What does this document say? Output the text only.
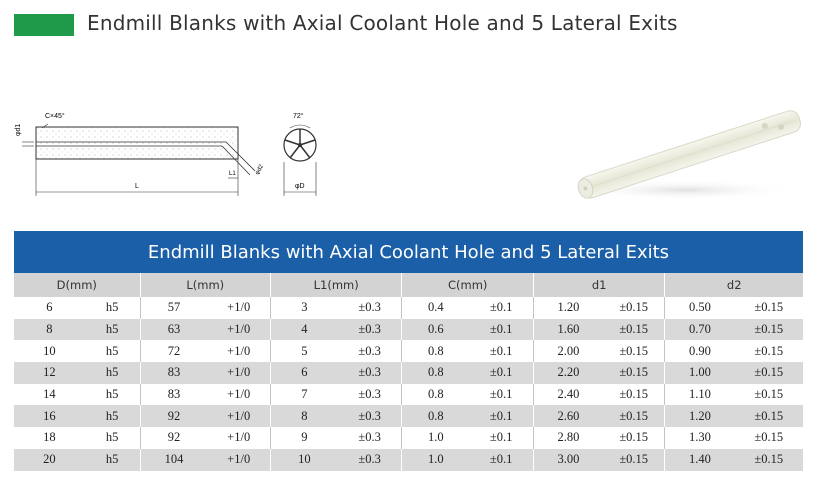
Endmill Blanks with Axial Coolant Hole and 5 Lateral Exits
C×45°
φd1
L
L1	φd2
72°
φD
Endmill Blanks with Axial Coolant Hole and 5 Lateral Exits
D(mm)		L(mm)		L1(mm)		C(mm)		d1		d2	
6	h5	57	+1/0	3	±0.3	0.4	±0.1	1.20	±0.15	0.50	±0.15
8	h5	63	+1/0	4	±0.3	0.6	±0.1	1.60	±0.15	0.70	±0.15
10	h5	72	+1/0	5	±0.3	0.8	±0.1	2.00	±0.15	0.90	±0.15
12	h5	83	+1/0	6	±0.3	0.8	±0.1	2.20	±0.15	1.00	±0.15
14	h5	83	+1/0	7	±0.3	0.8	±0.1	2.40	±0.15	1.10	±0.15
16	h5	92	+1/0	8	±0.3	0.8	±0.1	2.60	±0.15	1.20	±0.15
18	h5	92	+1/0	9	±0.3	1.0	±0.1	2.80	±0.15	1.30	±0.15
20	h5	104	+1/0	10	±0.3	1.0	±0.1	3.00	±0.15	1.40	±0.15
